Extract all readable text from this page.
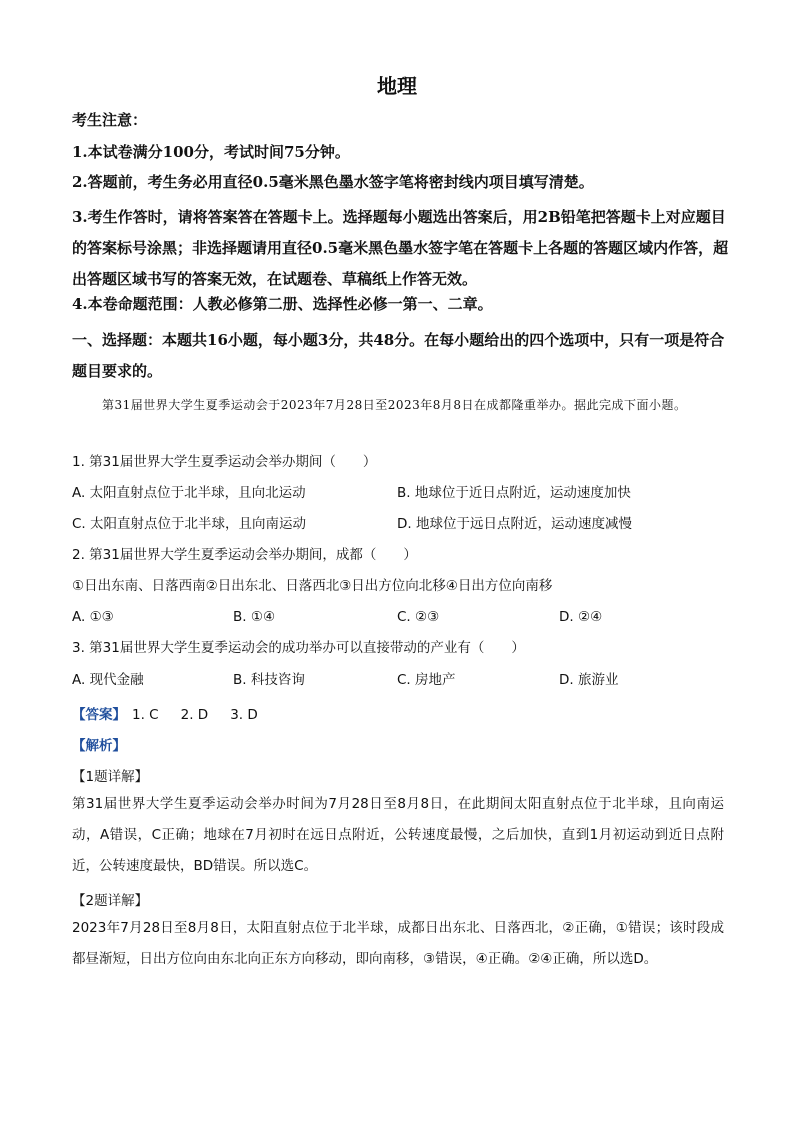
地理
考生注意：
1.本试卷满分100分，考试时间75分钟。
2.答题前，考生务必用直径0.5毫米黑色墨水签字笔将密封线内项目填写清楚。
3.考生作答时，请将答案答在答题卡上。选择题每小题选出答案后，用2B铅笔把答题卡上对应题目的答案标号涂黑；非选择题请用直径0.5毫米黑色墨水签字笔在答题卡上各题的答题区域内作答，超出答题区域书写的答案无效，在试题卷、草稿纸上作答无效。
4.本卷命题范围：人教必修第二册、选择性必修一第一、二章。
一、选择题：本题共16小题，每小题3分，共48分。在每小题给出的四个选项中，只有一项是符合题目要求的。
第31届世界大学生夏季运动会于2023年7月28日至2023年8月8日在成都隆重举办。据此完成下面小题。
1. 第31届世界大学生夏季运动会举办期间（　　）
A. 太阳直射点位于北半球，且向北运动	B. 地球位于近日点附近，运动速度加快
C. 太阳直射点位于北半球，且向南运动	D. 地球位于远日点附近，运动速度减慢
2. 第31届世界大学生夏季运动会举办期间，成都（　　）
①日出东南、日落西南②日出东北、日落西北③日出方位向北移④日出方位向南移
A. ①③	B. ①④	C. ②③	D. ②④
3. 第31届世界大学生夏季运动会的成功举办可以直接带动的产业有（　　）
A. 现代金融	B. 科技咨询	C. 房地产	D. 旅游业
【答案】 1. C 2. D 3. D
【解析】
【1题详解】
第31届世界大学生夏季运动会举办时间为7月28日至8月8日，在此期间太阳直射点位于北半球，且向南运动，A错误，C正确；地球在7月初时在远日点附近，公转速度最慢，之后加快，直到1月初运动到近日点附近，公转速度最快，BD错误。所以选C。
【2题详解】
2023年7月28日至8月8日，太阳直射点位于北半球，成都日出东北、日落西北，②正确，①错误；该时段成都昼渐短，日出方位向由东北向正东方向移动，即向南移，③错误，④正确。②④正确，所以选D。
